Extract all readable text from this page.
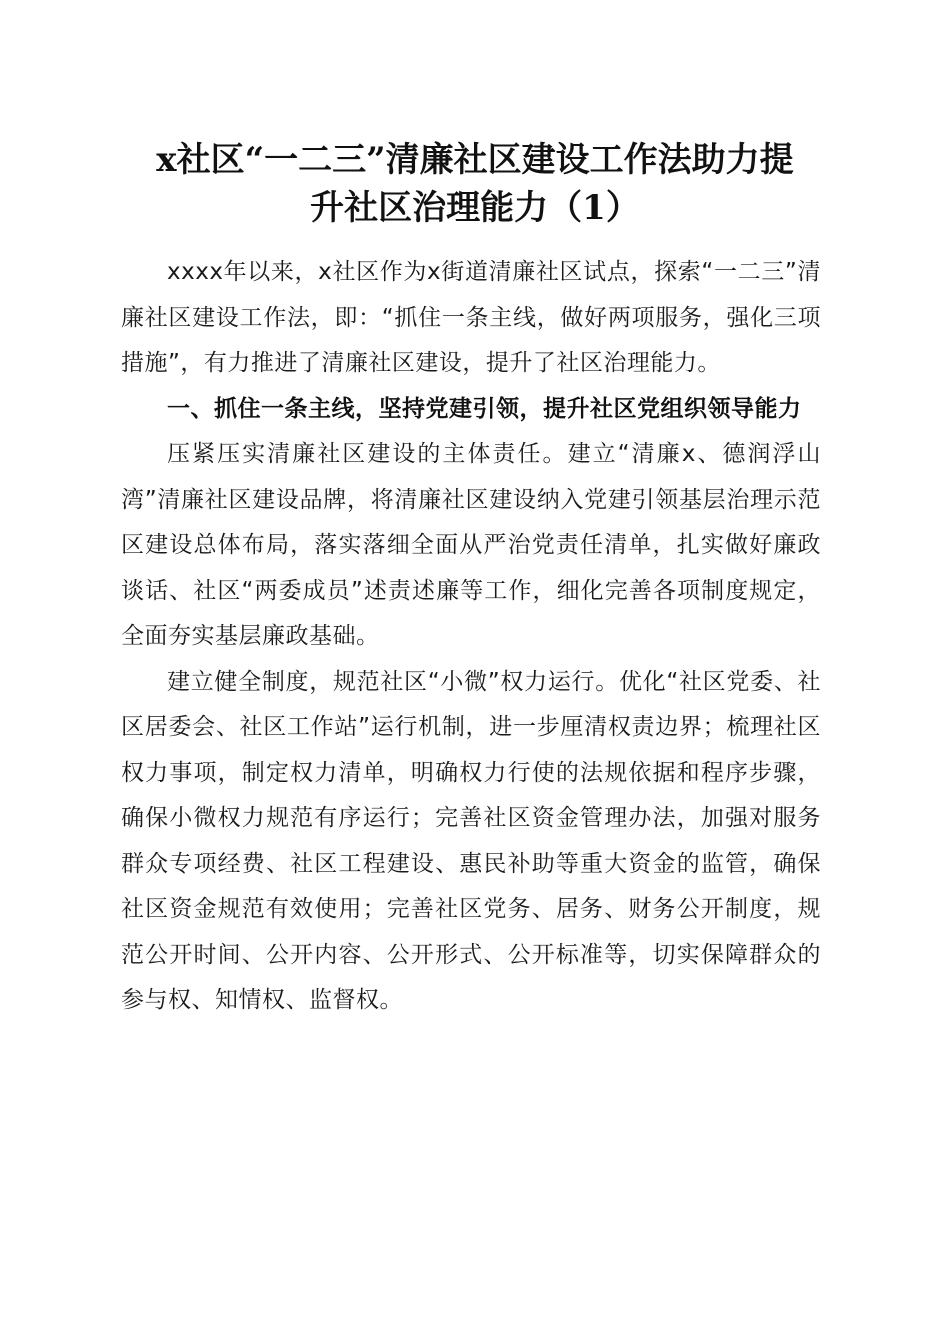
x社区“一二三”清廉社区建设工作法助力提
升社区治理能力（1）

xxxx年以来，x社区作为x街道清廉社区试点，探索“一二三”清廉社区建设工作法，即：“抓住一条主线，做好两项服务，强化三项措施”，有力推进了清廉社区建设，提升了社区治理能力。

一、抓住一条主线，坚持党建引领，提升社区党组织领导能力

压紧压实清廉社区建设的主体责任。建立“清廉x、德润浮山湾”清廉社区建设品牌，将清廉社区建设纳入党建引领基层治理示范区建设总体布局，落实落细全面从严治党责任清单，扎实做好廉政谈话、社区“两委成员”述责述廉等工作，细化完善各项制度规定，全面夯实基层廉政基础。

建立健全制度，规范社区“小微”权力运行。优化“社区党委、社区居委会、社区工作站”运行机制，进一步厘清权责边界；梳理社区权力事项，制定权力清单，明确权力行使的法规依据和程序步骤，确保小微权力规范有序运行；完善社区资金管理办法，加强对服务群众专项经费、社区工程建设、惠民补助等重大资金的监管，确保社区资金规范有效使用；完善社区党务、居务、财务公开制度，规范公开时间、公开内容、公开形式、公开标准等，切实保障群众的参与权、知情权、监督权。
